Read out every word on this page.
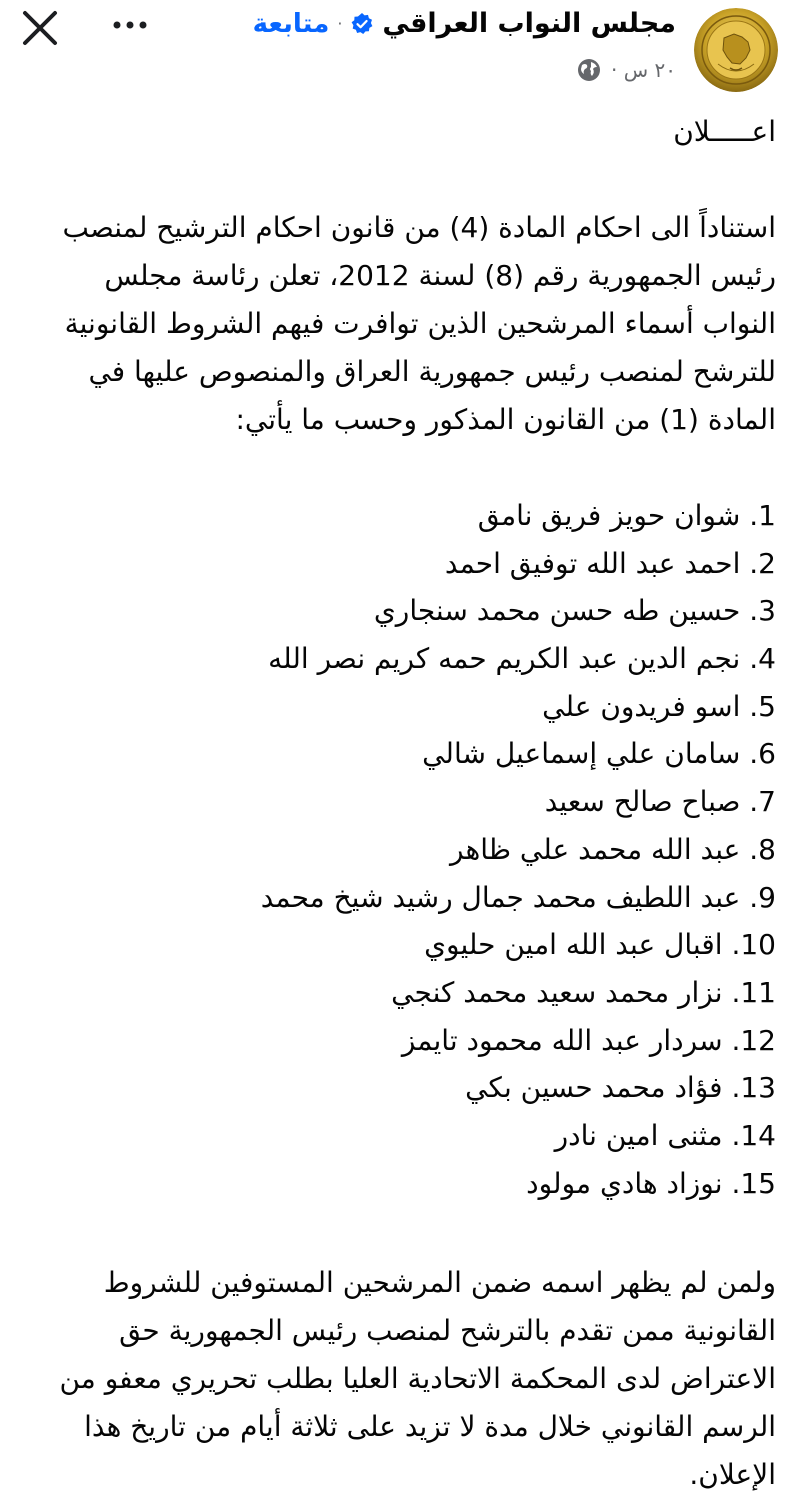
مجلس النواب العراقي
·
متابعة
٢٠ س ·
اعـــــلان

استناداً الى احكام المادة (4) من قانون احكام الترشيح لمنصب رئيس الجمهورية رقم (8) لسنة 2012، تعلن رئاسة مجلس النواب أسماء المرشحين الذين توافرت فيهم الشروط القانونية للترشح لمنصب رئيس جمهورية العراق والمنصوص عليها في المادة (1) من القانون المذكور وحسب ما يأتي:

1. شوان حويز فريق نامق
2. احمد عبد الله توفيق احمد
3. حسين طه حسن محمد سنجاري
4. نجم الدين عبد الكريم حمه كريم نصر الله
5. اسو فريدون علي
6. سامان علي إسماعيل شالي
7. صباح صالح سعيد
8. عبد الله محمد علي ظاهر
9. عبد اللطيف محمد جمال رشيد شيخ محمد
10. اقبال عبد الله امين حليوي
11. نزار محمد سعيد محمد كنجي
12. سردار عبد الله محمود تايمز
13. فؤاد محمد حسين بكي
14. مثنى امين نادر
15. نوزاد هادي مولود

ولمن لم يظهر اسمه ضمن المرشحين المستوفين للشروط القانونية ممن تقدم بالترشح لمنصب رئيس الجمهورية حق الاعتراض لدى المحكمة الاتحادية العليا بطلب تحريري معفو من الرسم القانوني خلال مدة لا تزيد على ثلاثة أيام من تاريخ هذا الإعلان.
